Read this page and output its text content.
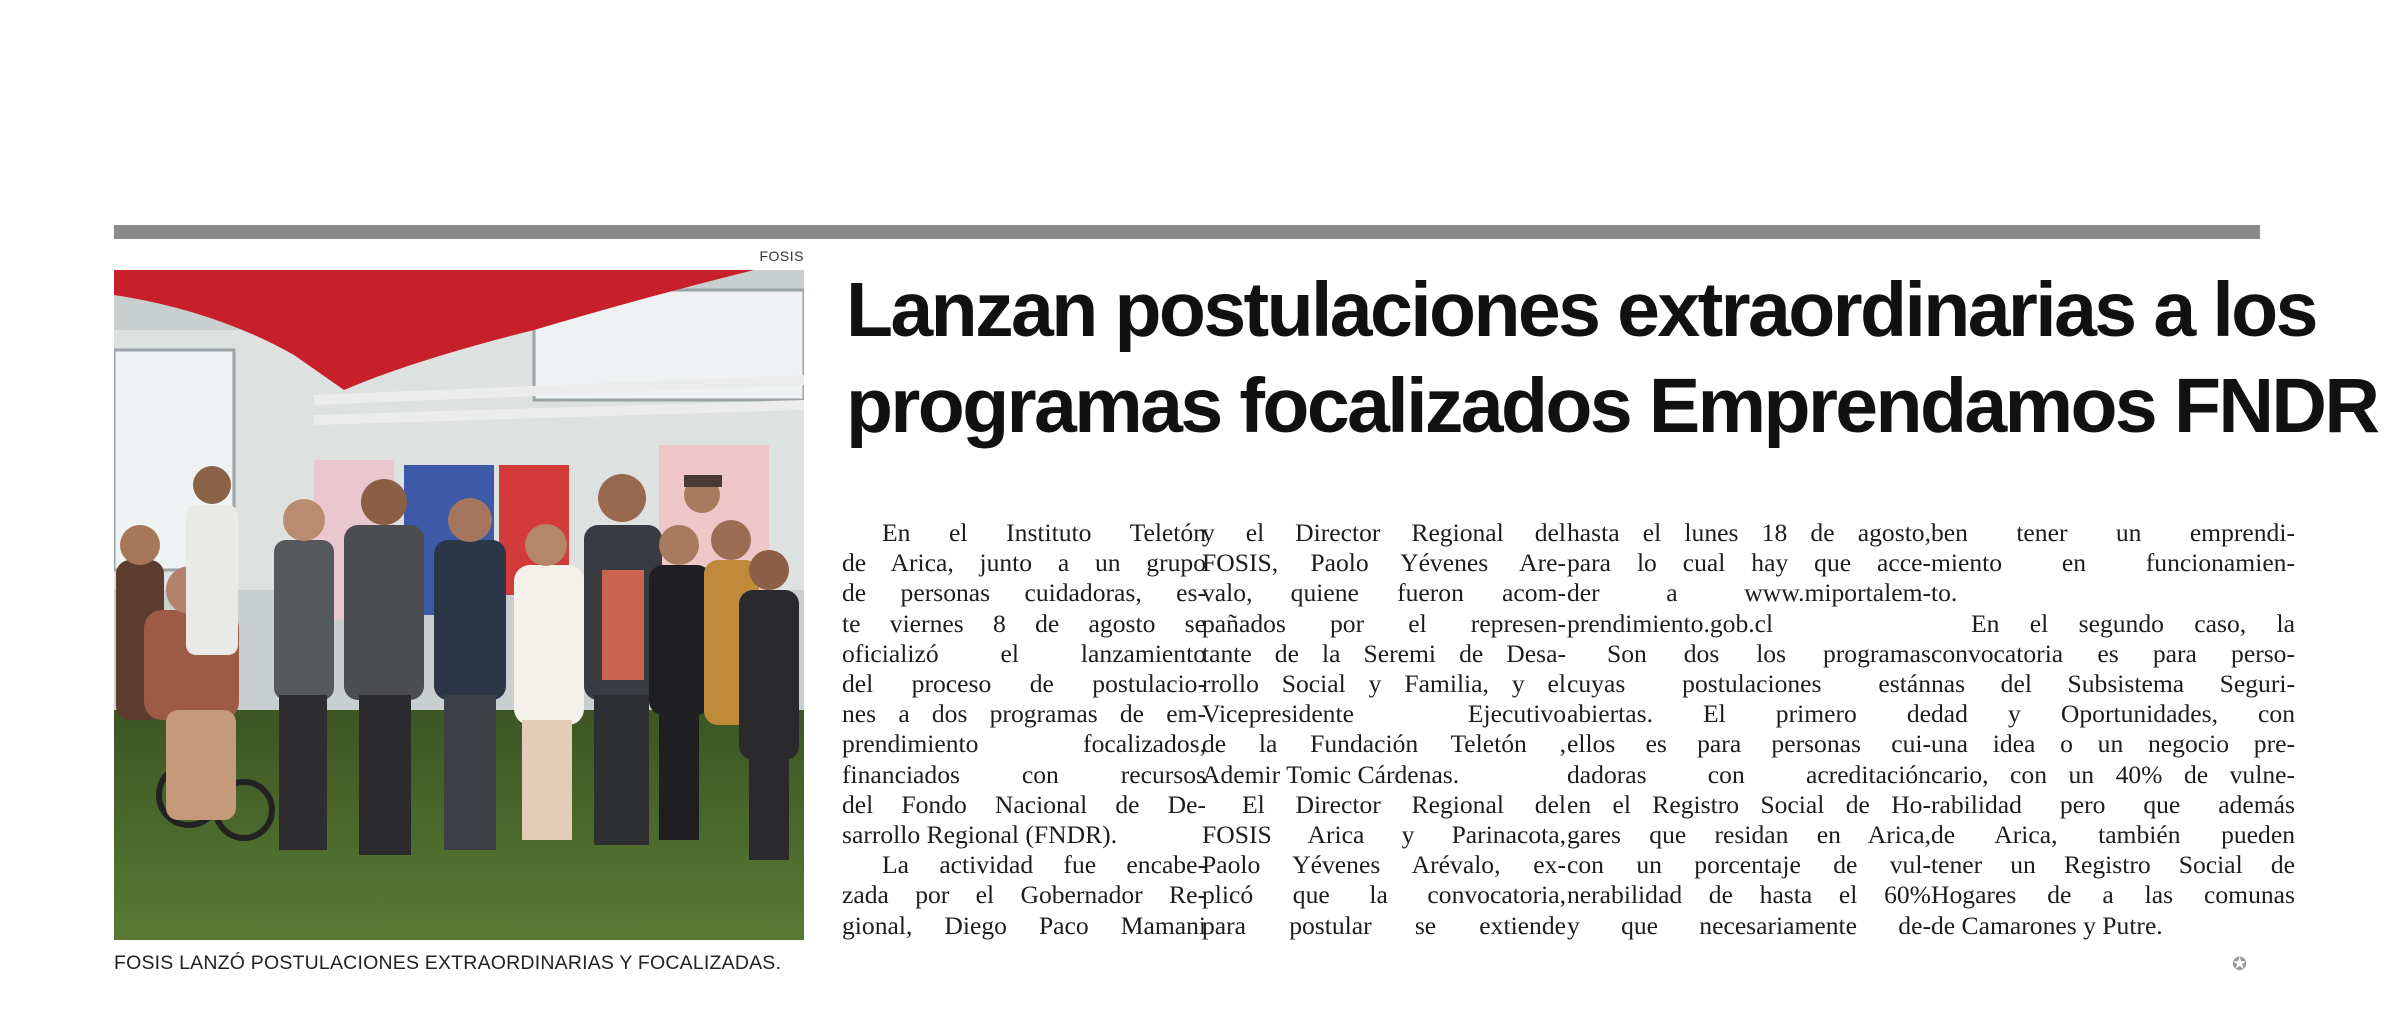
FOSIS
FOSIS LANZÓ POSTULACIONES EXTRAORDINARIAS Y FOCALIZADAS.
Lanzan postulaciones extraordinarias a los
programas focalizados Emprendamos FNDR
En el Instituto Teletón
de Arica, junto a un grupo
de personas cuidadoras, es-
te viernes 8 de agosto se
oficializó el lanzamiento
del proceso de postulacio-
nes a dos programas de em-
prendimiento focalizados,
financiados con recursos
del Fondo Nacional de De-
sarrollo Regional (FNDR).
La actividad fue encabe-
zada por el Gobernador Re-
gional, Diego Paco Mamani
y el Director Regional del
FOSIS, Paolo Yévenes Are-
valo, quiene fueron acom-
pañados por el represen-
tante de la Seremi de Desa-
rrollo Social y Familia, y el
Vicepresidente Ejecutivo
de la Fundación Teletón ,
Ademir Tomic Cárdenas.
El Director Regional del
FOSIS Arica y Parinacota,
Paolo Yévenes Arévalo, ex-
plicó que la convocatoria,
para postular se extiende
hasta el lunes 18 de agosto,
para lo cual hay que acce-
der a www.miportalem-
prendimiento.gob.cl
Son dos los programas
cuyas postulaciones están
abiertas. El primero de
ellos es para personas cui-
dadoras con acreditación
en el Registro Social de Ho-
gares que residan en Arica,
con un porcentaje de vul-
nerabilidad de hasta el 60%
y que necesariamente de-
ben tener un emprendi-
miento en funcionamien-
to.
En el segundo caso, la
convocatoria es para perso-
nas del Subsistema Seguri-
dad y Oportunidades, con
una idea o un negocio pre-
cario, con un 40% de vulne-
rabilidad pero que además
de Arica, también pueden
tener un Registro Social de
Hogares de a las comunas
de Camarones y Putre.
✪
